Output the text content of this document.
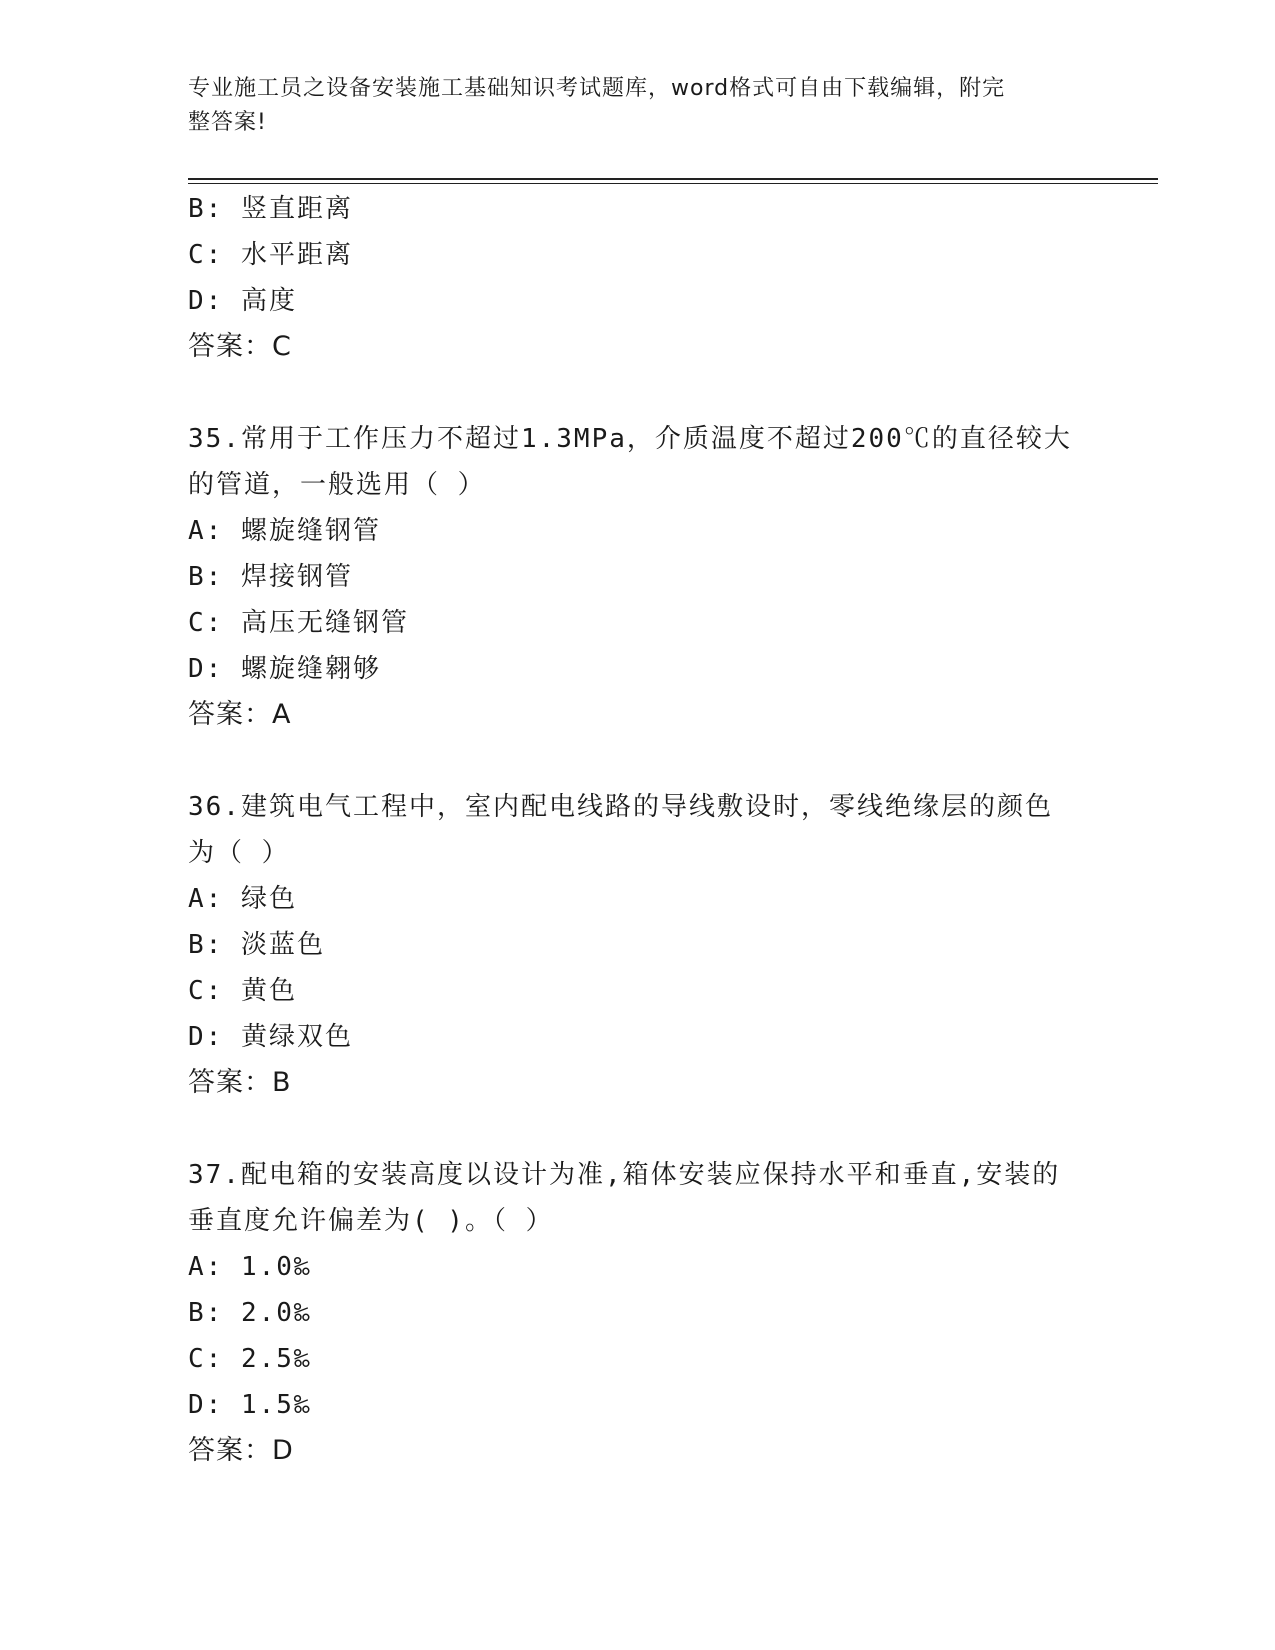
专业施工员之设备安装施工基础知识考试题库，word格式可自由下载编辑，附完
整答案!
B: 竖直距离
C: 水平距离
D: 高度
答案：C
35.常用于工作压力不超过1.3MPa，介质温度不超过200℃的直径较大
的管道，一般选用（ ）
A: 螺旋缝钢管
B: 焊接钢管
C: 高压无缝钢管
D: 螺旋缝翱够
答案：A
36.建筑电气工程中，室内配电线路的导线敷设时，零线绝缘层的颜色
为（ ）
A: 绿色
B: 淡蓝色
C: 黄色
D: 黄绿双色
答案：B
37.配电箱的安装高度以设计为准,箱体安装应保持水平和垂直,安装的
垂直度允许偏差为( )。（ ）
A: 1.0‰
B: 2.0‰
C: 2.5‰
D: 1.5‰
答案：D
